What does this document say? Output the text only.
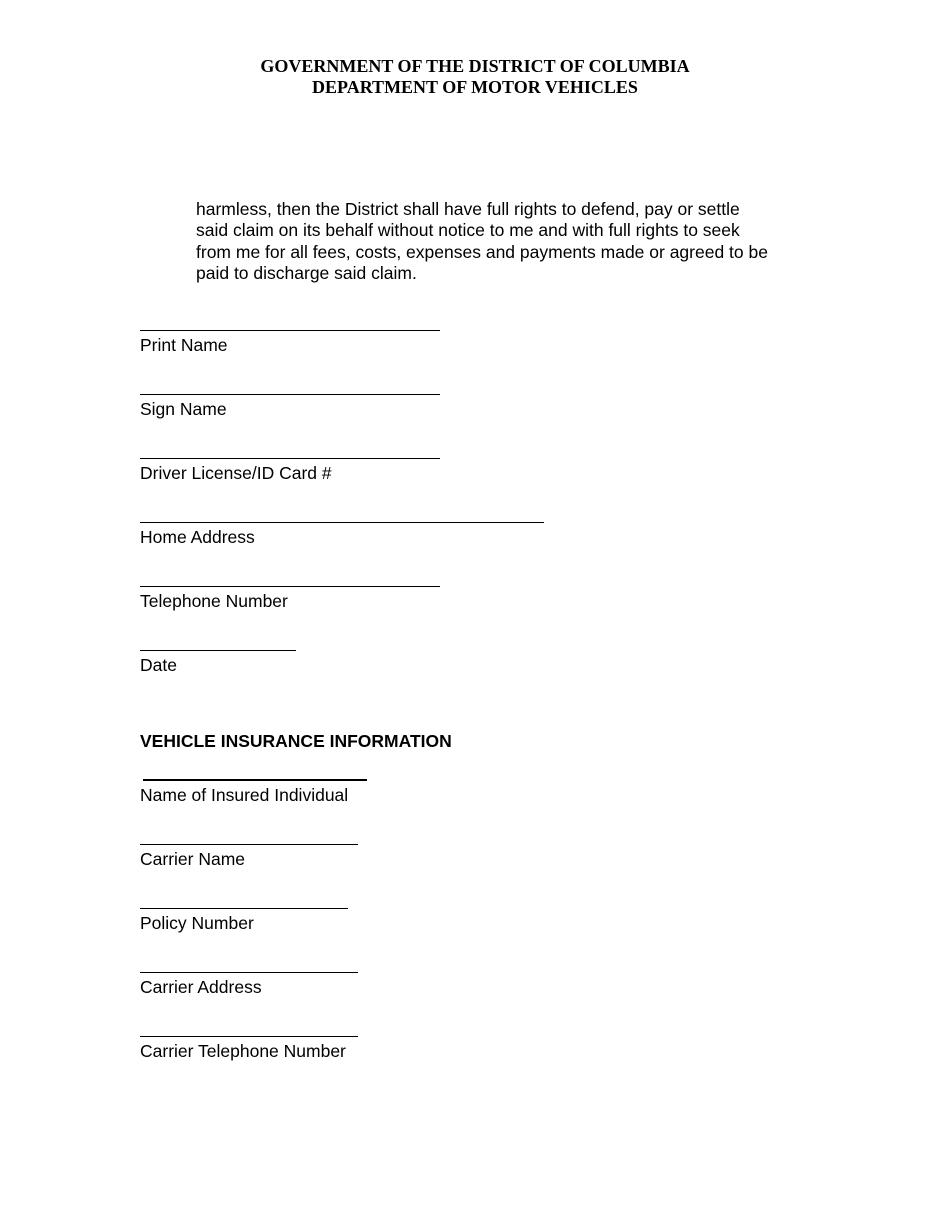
GOVERNMENT OF THE DISTRICT OF COLUMBIA
DEPARTMENT OF MOTOR VEHICLES
harmless, then the District shall have full rights to defend, pay or settle
said claim on its behalf without notice to me and with full rights to seek
from me for all fees, costs, expenses and payments made or agreed to be
paid to discharge said claim.
Print Name
Sign Name
Driver License/ID Card #
Home Address
Telephone Number
Date
VEHICLE INSURANCE INFORMATION
Name of Insured Individual
Carrier Name
Policy Number
Carrier Address
Carrier Telephone Number
